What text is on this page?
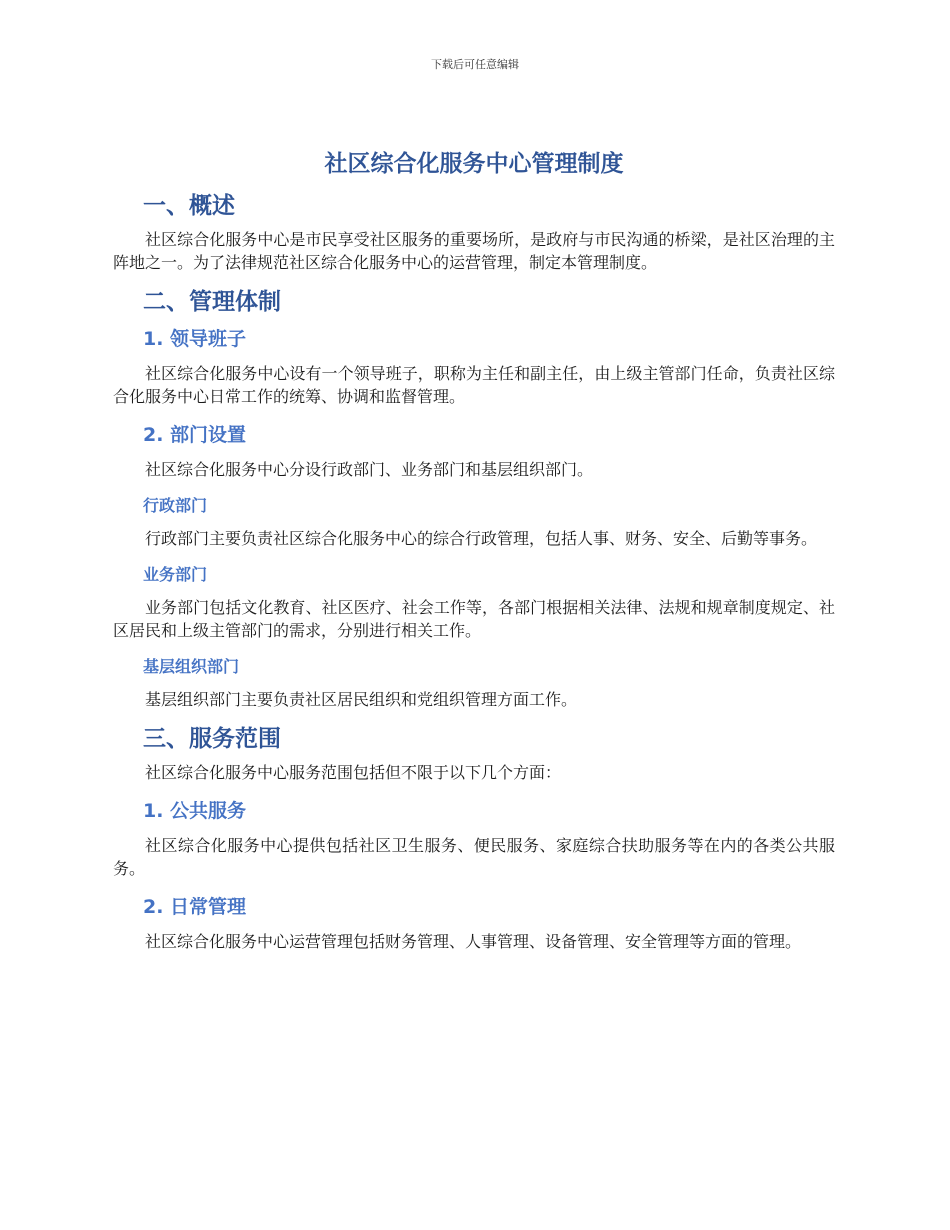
下载后可任意编辑
社区综合化服务中心管理制度
一、概述

社区综合化服务中心是市民享受社区服务的重要场所，是政府与市民沟通的桥梁，是社区治理的主阵地之一。为了法律规范社区综合化服务中心的运营管理，制定本管理制度。

二、管理体制
1. 领导班子

社区综合化服务中心设有一个领导班子，职称为主任和副主任，由上级主管部门任命，负责社区综合化服务中心日常工作的统筹、协调和监督管理。

2. 部门设置

社区综合化服务中心分设行政部门、业务部门和基层组织部门。

行政部门

行政部门主要负责社区综合化服务中心的综合行政管理，包括人事、财务、安全、后勤等事务。

业务部门

业务部门包括文化教育、社区医疗、社会工作等，各部门根据相关法律、法规和规章制度规定、社区居民和上级主管部门的需求，分别进行相关工作。

基层组织部门

基层组织部门主要负责社区居民组织和党组织管理方面工作。

三、服务范围

社区综合化服务中心服务范围包括但不限于以下几个方面：

1. 公共服务

社区综合化服务中心提供包括社区卫生服务、便民服务、家庭综合扶助服务等在内的各类公共服务。

2. 日常管理

社区综合化服务中心运营管理包括财务管理、人事管理、设备管理、安全管理等方面的管理。
